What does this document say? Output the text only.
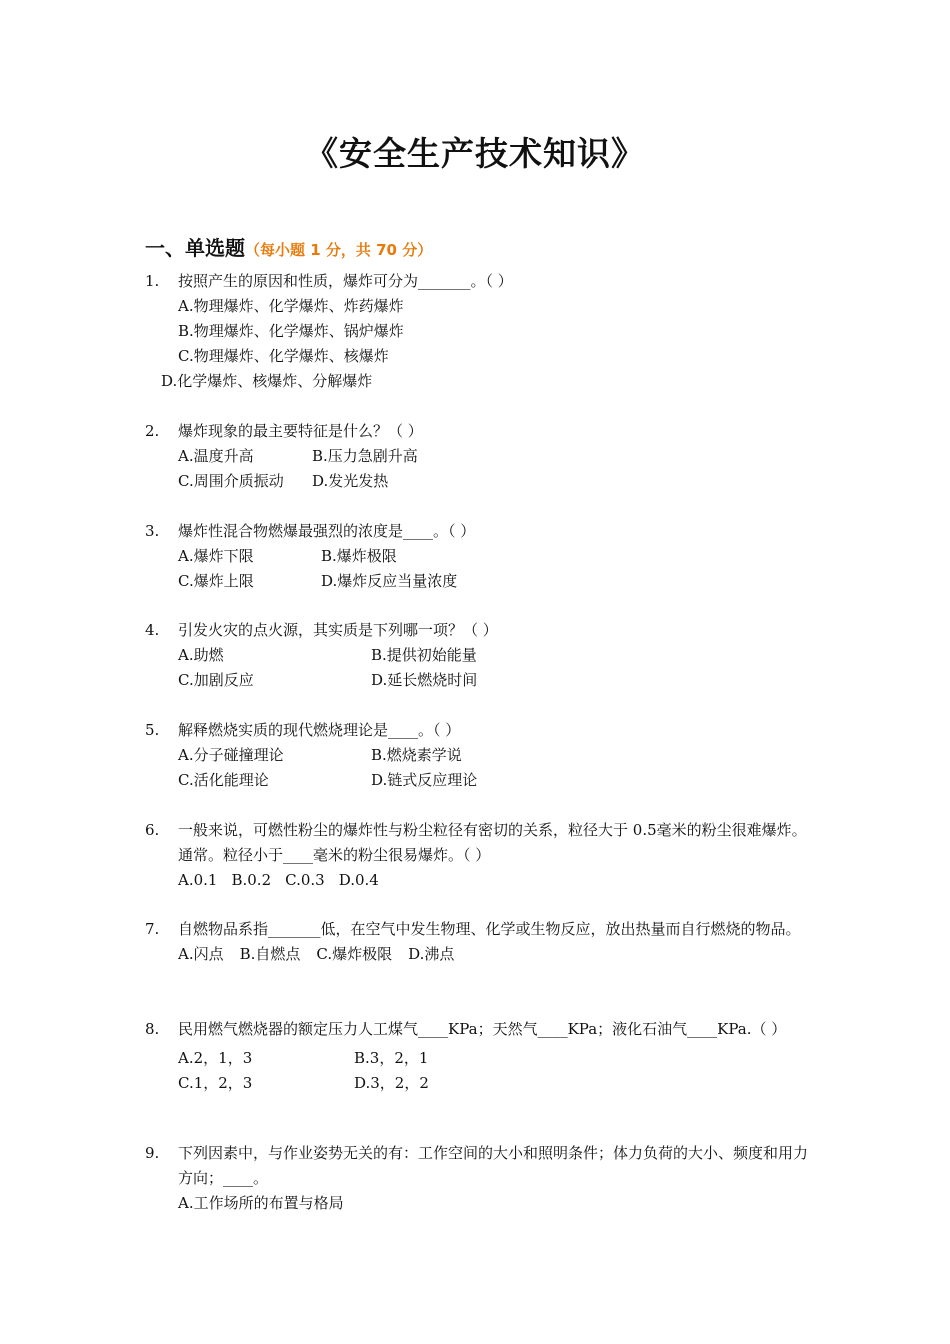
《安全生产技术知识》
一、单选题（每小题 1 分，共 70 分）
1.	按照产生的原因和性质，爆炸可分为_______。（ ）
A.物理爆炸、化学爆炸、炸药爆炸
B.物理爆炸、化学爆炸、锅炉爆炸
C.物理爆炸、化学爆炸、核爆炸
D.化学爆炸、核爆炸、分解爆炸
2.	爆炸现象的最主要特征是什么？（ ）
A.温度升高	B.压力急剧升高
C.周围介质振动	D.发光发热
3.	爆炸性混合物燃爆最强烈的浓度是____。（ ）
A.爆炸下限	B.爆炸极限
C.爆炸上限	D.爆炸反应当量浓度
4.	引发火灾的点火源，其实质是下列哪一项？（ ）
A.助燃	B.提供初始能量
C.加剧反应	D.延长燃烧时间
5.	解释燃烧实质的现代燃烧理论是____。（ ）
A.分子碰撞理论	B.燃烧素学说
C.活化能理论	D.链式反应理论
6.	一般来说，可燃性粉尘的爆炸性与粉尘粒径有密切的关系，粒径大于 0.5毫米的粉尘很难爆炸。通常。粒径小于____毫米的粉尘很易爆炸。（ ）
A.0.1 B.0.2 C.0.3 D.0.4
7.	自燃物品系指_______低，在空气中发生物理、化学或生物反应，放出热量而自行燃烧的物品。
A.闪点 B.自燃点 C.爆炸极限 D.沸点
8.	民用燃气燃烧器的额定压力人工煤气____KPa；天然气____KPa；液化石油气____KPa.（ ）
A.2，1，3	B.3，2，1
C.1，2，3	D.3，2，2
9.	下列因素中，与作业姿势无关的有：工作空间的大小和照明条件；体力负荷的大小、频度和用力方向；____。
A.工作场所的布置与格局
